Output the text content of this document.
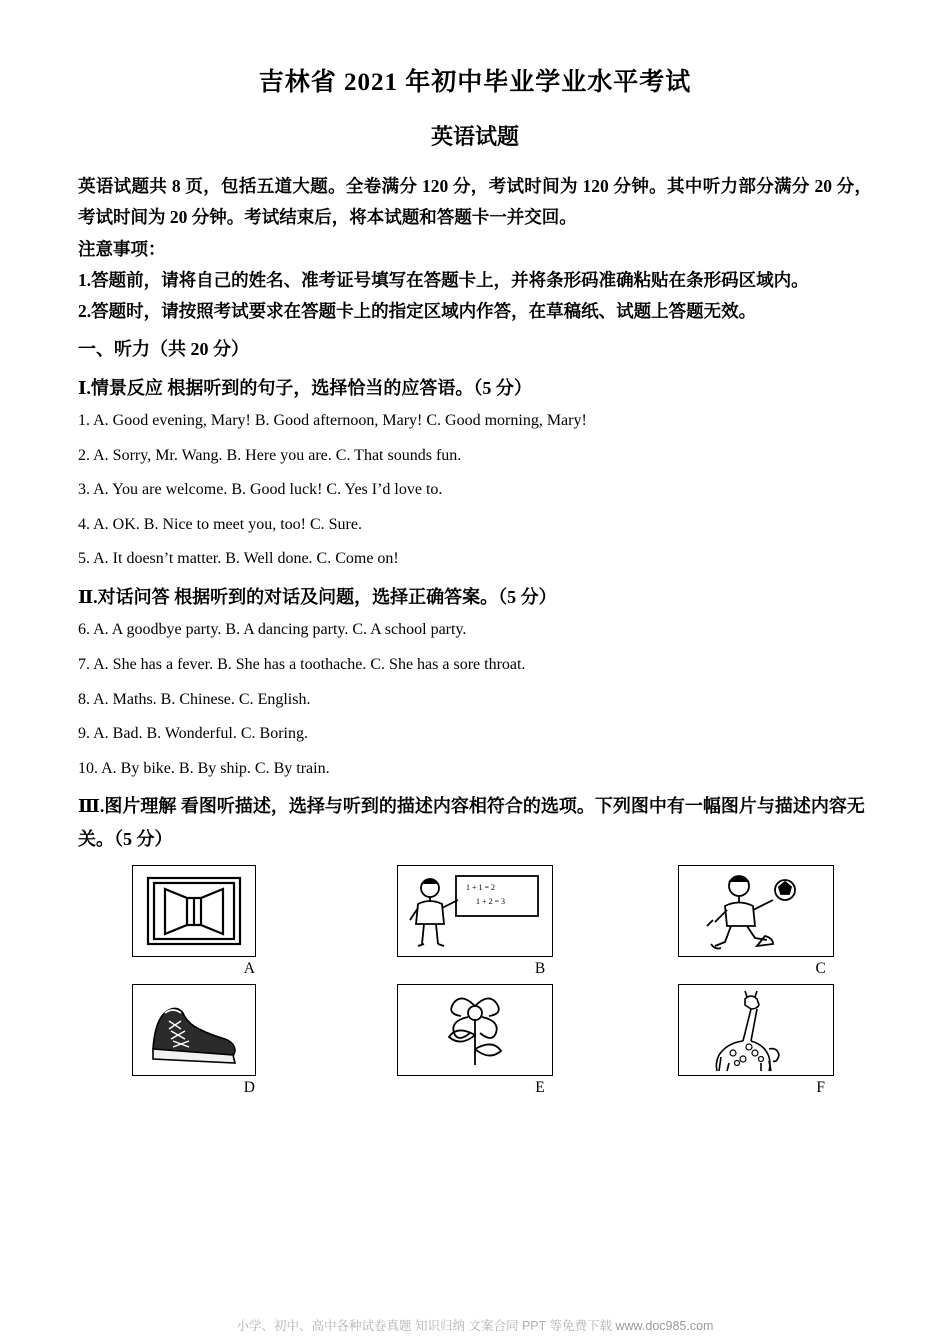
吉林省 2021 年初中毕业学业水平考试
英语试题

英语试题共 8 页，包括五道大题。全卷满分 120 分，考试时间为 120 分钟。其中听力部分满分 20 分，考试时间为 20 分钟。考试结束后，将本试题和答题卡一并交回。

注意事项：

1.答题前，请将自己的姓名、准考证号填写在答题卡上，并将条形码准确粘贴在条形码区域内。

2.答题时，请按照考试要求在答题卡上的指定区域内作答，在草稿纸、试题上答题无效。

一、听力（共 20 分）

Ⅰ.情景反应 根据听到的句子，选择恰当的应答语。（5 分）

1. A. Good evening, Mary! B. Good afternoon, Mary! C. Good morning, Mary!

2. A. Sorry, Mr. Wang. B. Here you are. C. That sounds fun.

3. A. You are welcome. B. Good luck! C. Yes I’d love to.

4. A. OK. B. Nice to meet you, too! C. Sure.

5. A. It doesn’t matter. B. Well done. C. Come on!

Ⅱ.对话问答 根据听到的对话及问题，选择正确答案。（5 分）

6. A. A goodbye party. B. A dancing party. C. A school party.

7. A. She has a fever. B. She has a toothache. C. She has a sore throat.

8. A. Maths. B. Chinese. C. English.

9. A. Bad. B. Wonderful. C. Boring.

10. A. By bike. B. By ship. C. By train.

Ⅲ.图片理解 看图听描述，选择与听到的描述内容相符合的选项。下列图中有一幅图片与描述内容无关。（5 分）

A
1 + 1 = 2
1 + 2 = 3
B	C
D	E	F
小学、初中、高中各种试卷真题 知识归纳 文案合同 PPT 等免费下载 www.doc985.com
